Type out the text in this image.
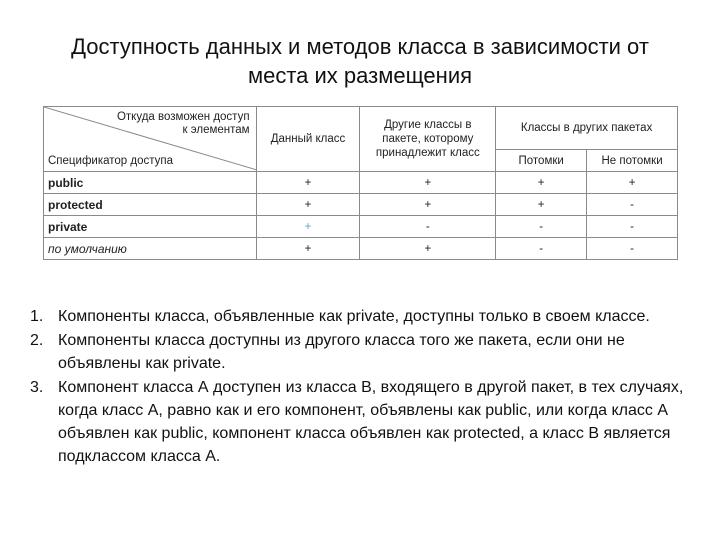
Доступность данных и методов класса в зависимости от места их размещения
Откуда возможен доступ
к элементам
Спецификатор доступа	Данный класс	Другие классы в пакете, которому принадлежит класс	Классы в других пакетах	
			Потомки	Не потомки
public	+	+	+	+
protected	+	+	+	-
private	+	-	-	-
по умолчанию	+	+	-	-
1. Компоненты класса, объявленные как private, доступны только в своем классе.
2. Компоненты класса доступны из другого класса того же пакета, если они не объявлены как private.
3. Компонент класса А доступен из класса В, входящего в другой пакет, в тех случаях, когда класс А, равно как и его компонент, объявлены как public, или когда класс А объявлен как public, компонент класса объявлен как protected, а класс В является подклассом класса А.
